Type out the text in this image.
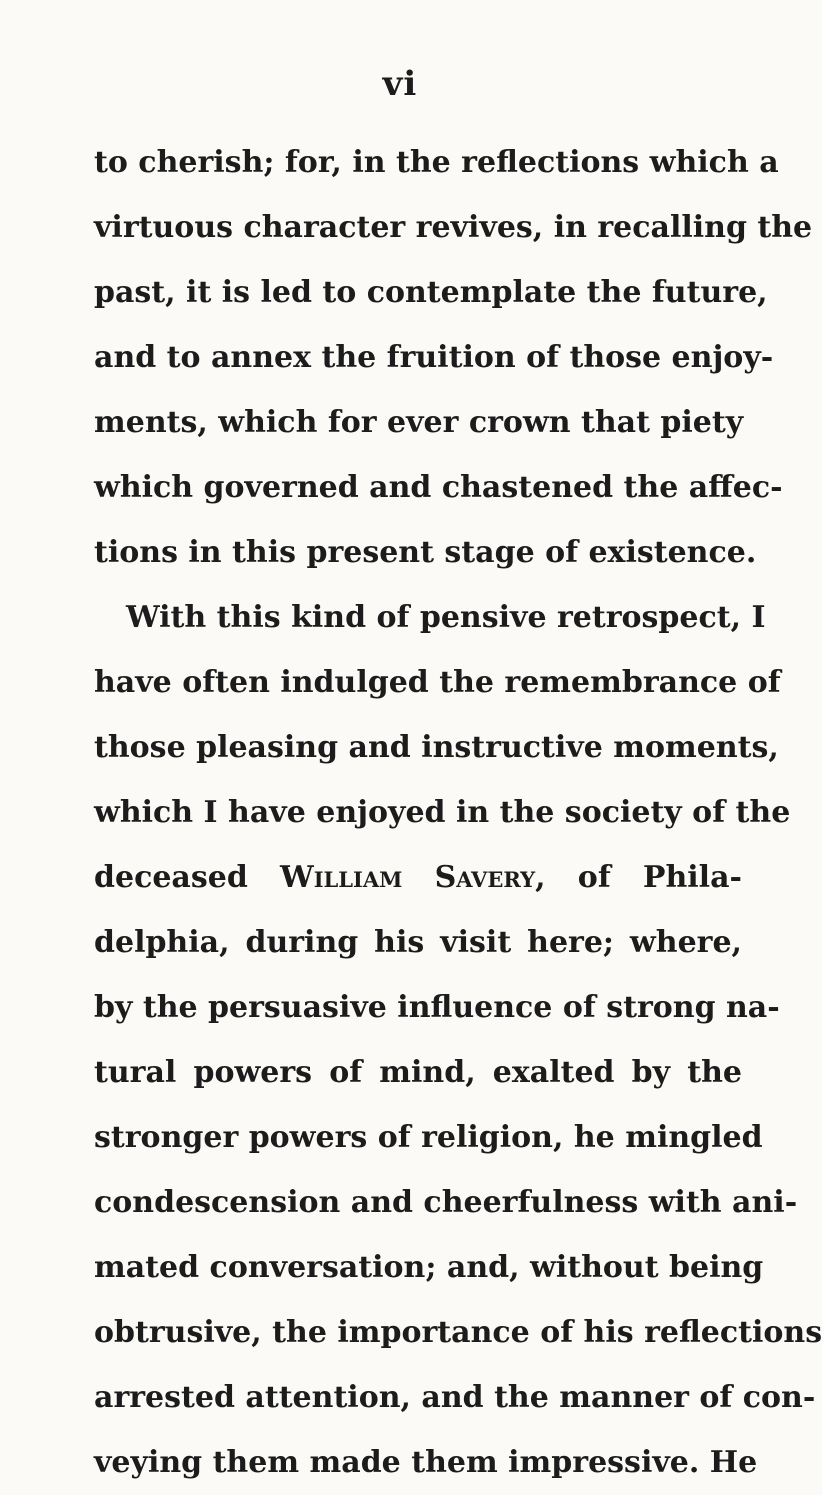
vi
to cherish; for, in the reflections which a
virtuous character revives, in recalling the
past, it is led to contemplate the future,
and to annex the fruition of those enjoy-
ments, which for ever crown that piety
which governed and chastened the affec-
tions in this present stage of existence.
With this kind of pensive retrospect, I
have often indulged the remembrance of
those pleasing and instructive moments,
which I have enjoyed in the society of the
deceased William Savery, of Phila-
delphia, during his visit here; where,
by the persuasive influence of strong na-
tural powers of mind, exalted by the
stronger powers of religion, he mingled
condescension and cheerfulness with ani-
mated conversation; and, without being
obtrusive, the importance of his reflections
arrested attention, and the manner of con-
veying them made them impressive. He
